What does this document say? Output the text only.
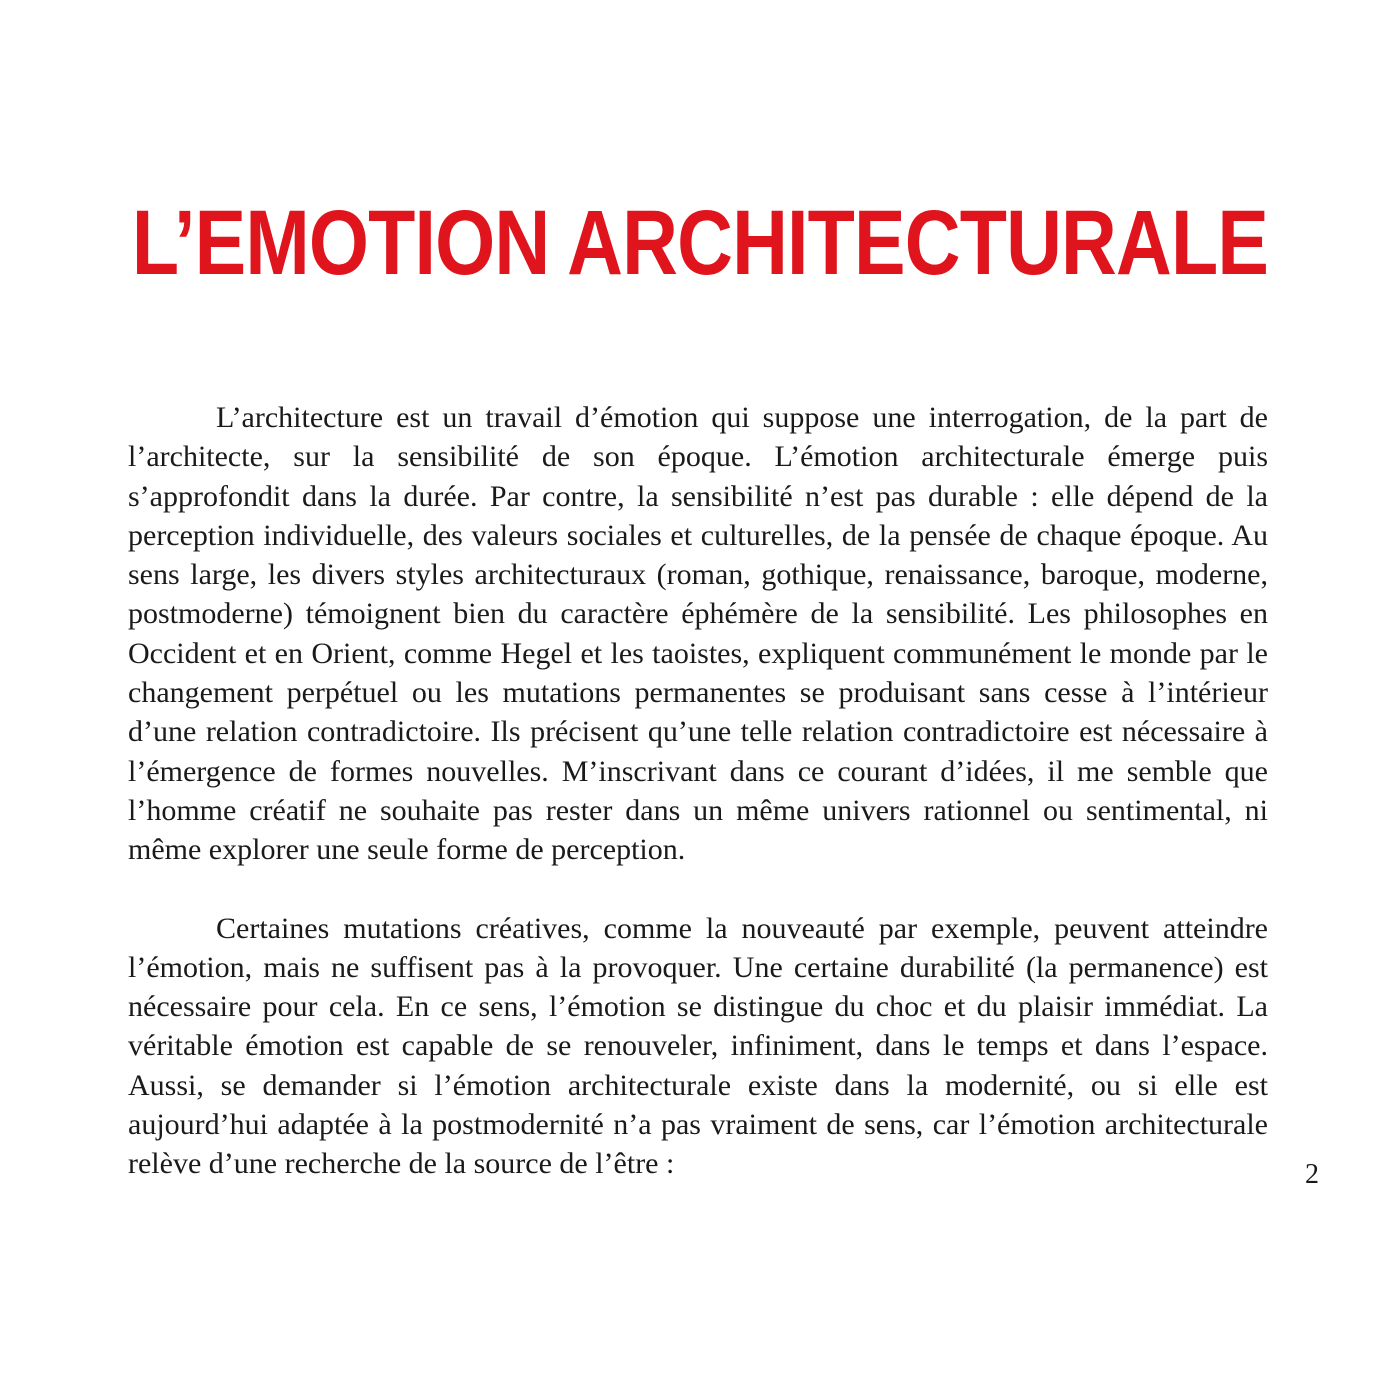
L’EMOTION ARCHITECTURALE

L’architecture est un travail d’émotion qui suppose une interrogation, de la part de l’architecte, sur la sensibilité de son époque. L’émotion architecturale émerge puis s’approfondit dans la durée. Par contre, la sensibilité n’est pas durable : elle dépend de la perception individuelle, des valeurs sociales et culturelles, de la pensée de chaque époque. Au sens large, les divers styles architecturaux (roman, gothique, renaissance, baroque, moderne, postmoderne) témoignent bien du caractère éphémère de la sensibilité. Les philosophes en Occident et en Orient, comme Hegel et les taoistes, expliquent communément le monde par le changement perpétuel ou les mutations permanentes se produisant sans cesse à l’intérieur d’une relation contradictoire. Ils précisent qu’une telle relation contradictoire est nécessaire à l’émergence de formes nouvelles. M’inscrivant dans ce courant d’idées, il me semble que l’homme créatif ne souhaite pas rester dans un même univers rationnel ou sentimental, ni même explorer une seule forme de perception.

Certaines mutations créatives, comme la nouveauté par exemple, peuvent atteindre l’émotion, mais ne suffisent pas à la provoquer. Une certaine durabilité (la permanence) est nécessaire pour cela. En ce sens, l’émotion se distingue du choc et du plaisir immédiat. La véritable émotion est capable de se renouveler, infiniment, dans le temps et dans l’espace. Aussi, se demander si l’émotion architecturale existe dans la modernité, ou si elle est aujourd’hui adaptée à la postmodernité n’a pas vraiment de sens, car l’émotion architecturale relève d’une recherche de la source de l’être :	2
